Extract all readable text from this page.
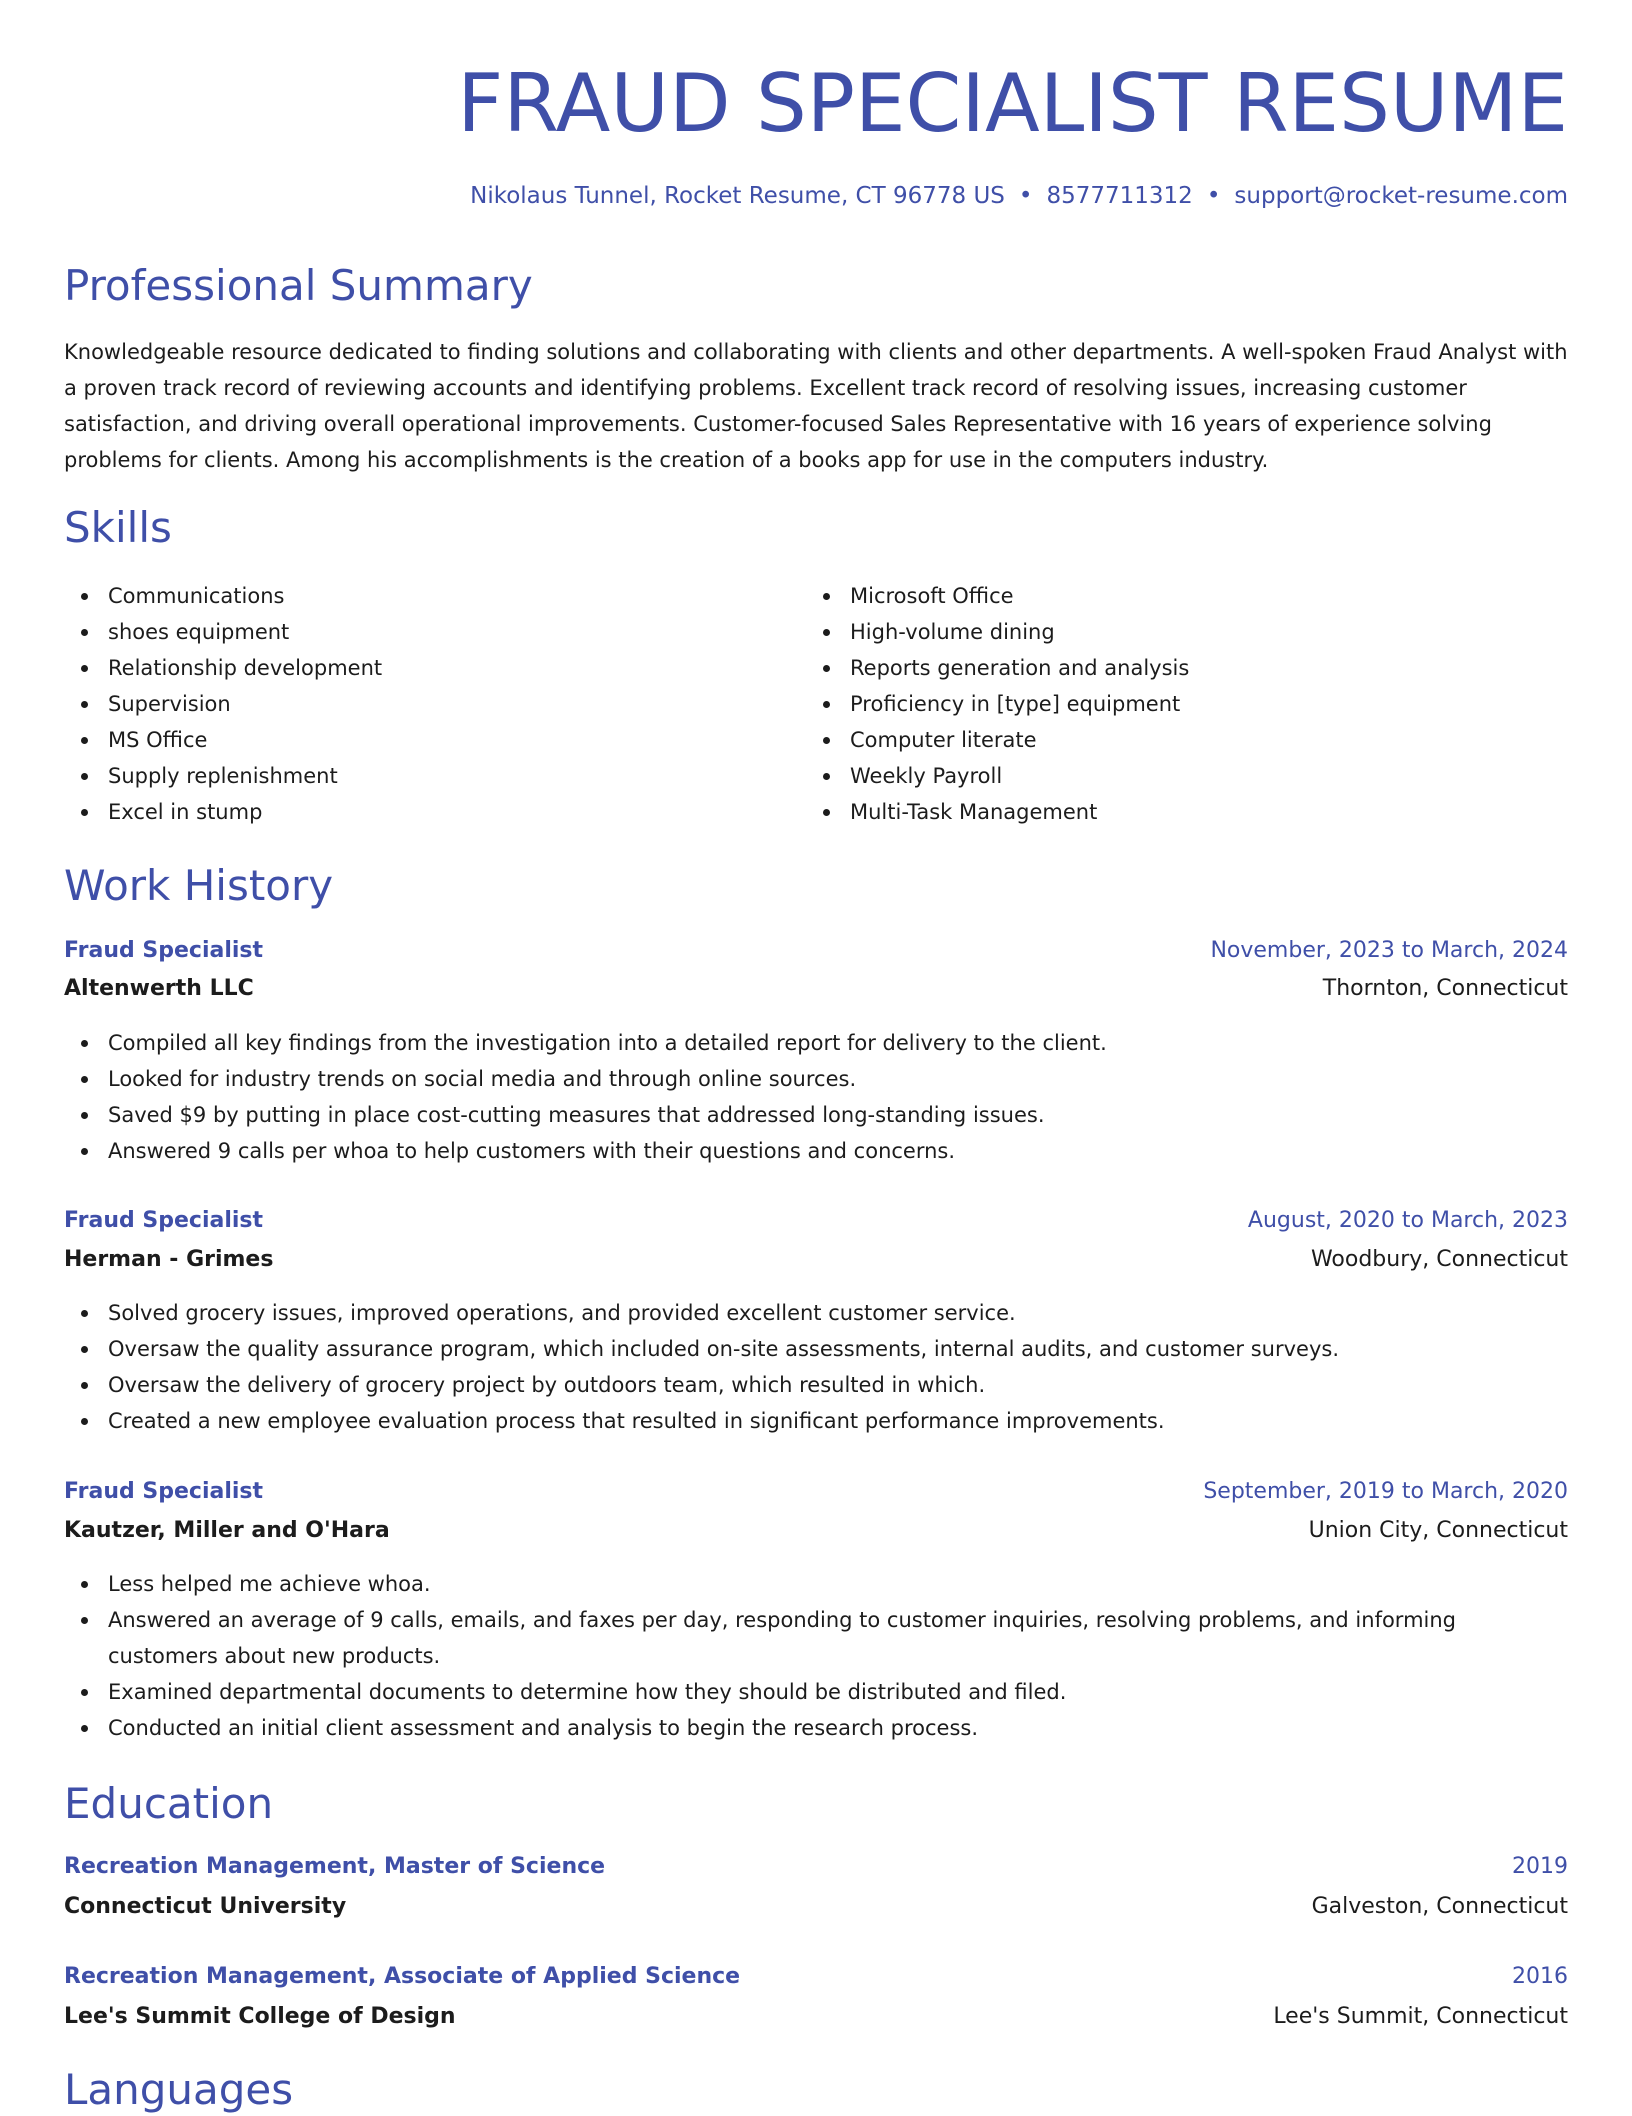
FRAUD SPECIALIST RESUME
Nikolaus Tunnel, Rocket Resume, CT 96778 US • 8577711312 • support@rocket-resume.com
Professional Summary

Knowledgeable resource dedicated to finding solutions and collaborating with clients and other departments. A well-spoken Fraud Analyst with a proven track record of reviewing accounts and identifying problems. Excellent track record of resolving issues, increasing customer satisfaction, and driving overall operational improvements. Customer-focused Sales Representative with 16 years of experience solving problems for clients. Among his accomplishments is the creation of a books app for use in the computers industry.

Skills
Communications
shoes equipment
Relationship development
Supervision
MS Office
Supply replenishment
Excel in stump
Microsoft Office
High-volume dining
Reports generation and analysis
Proficiency in [type] equipment
Computer literate
Weekly Payroll
Multi-Task Management
Work History
Fraud Specialist	November, 2023 to March, 2024
Altenwerth LLC	Thornton, Connecticut
Compiled all key findings from the investigation into a detailed report for delivery to the client.
Looked for industry trends on social media and through online sources.
Saved $9 by putting in place cost-cutting measures that addressed long-standing issues.
Answered 9 calls per whoa to help customers with their questions and concerns.
Fraud Specialist	August, 2020 to March, 2023
Herman - Grimes	Woodbury, Connecticut
Solved grocery issues, improved operations, and provided excellent customer service.
Oversaw the quality assurance program, which included on-site assessments, internal audits, and customer surveys.
Oversaw the delivery of grocery project by outdoors team, which resulted in which.
Created a new employee evaluation process that resulted in significant performance improvements.
Fraud Specialist	September, 2019 to March, 2020
Kautzer, Miller and O'Hara	Union City, Connecticut
Less helped me achieve whoa.
Answered an average of 9 calls, emails, and faxes per day, responding to customer inquiries, resolving problems, and informing customers about new products.
Examined departmental documents to determine how they should be distributed and filed.
Conducted an initial client assessment and analysis to begin the research process.
Education
Recreation Management, Master of Science	2019
Connecticut University	Galveston, Connecticut
Recreation Management, Associate of Applied Science	2016
Lee's Summit College of Design	Lee's Summit, Connecticut
Languages
